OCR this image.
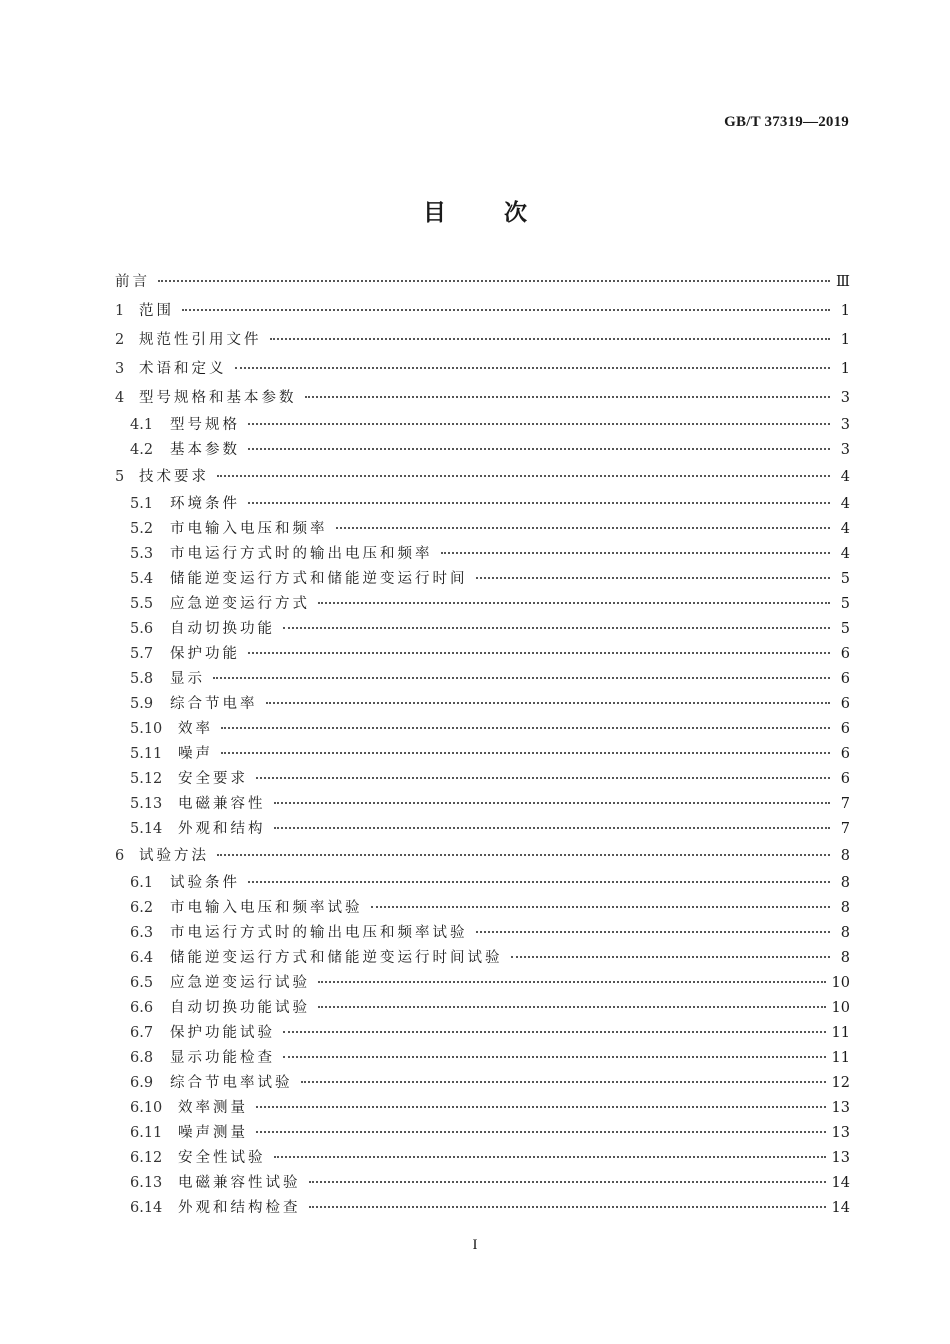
GB/T 37319—2019
目次
前言	Ⅲ
1	范围	1
2	规范性引用文件	1
3	术语和定义	1
4	型号规格和基本参数	3
4.1	型号规格	3
4.2	基本参数	3
5	技术要求	4
5.1	环境条件	4
5.2	市电输入电压和频率	4
5.3	市电运行方式时的输出电压和频率	4
5.4	储能逆变运行方式和储能逆变运行时间	5
5.5	应急逆变运行方式	5
5.6	自动切换功能	5
5.7	保护功能	6
5.8	显示	6
5.9	综合节电率	6
5.10	效率	6
5.11	噪声	6
5.12	安全要求	6
5.13	电磁兼容性	7
5.14	外观和结构	7
6	试验方法	8
6.1	试验条件	8
6.2	市电输入电压和频率试验	8
6.3	市电运行方式时的输出电压和频率试验	8
6.4	储能逆变运行方式和储能逆变运行时间试验	8
6.5	应急逆变运行试验	10
6.6	自动切换功能试验	10
6.7	保护功能试验	11
6.8	显示功能检查	11
6.9	综合节电率试验	12
6.10	效率测量	13
6.11	噪声测量	13
6.12	安全性试验	13
6.13	电磁兼容性试验	14
6.14	外观和结构检查	14
I
